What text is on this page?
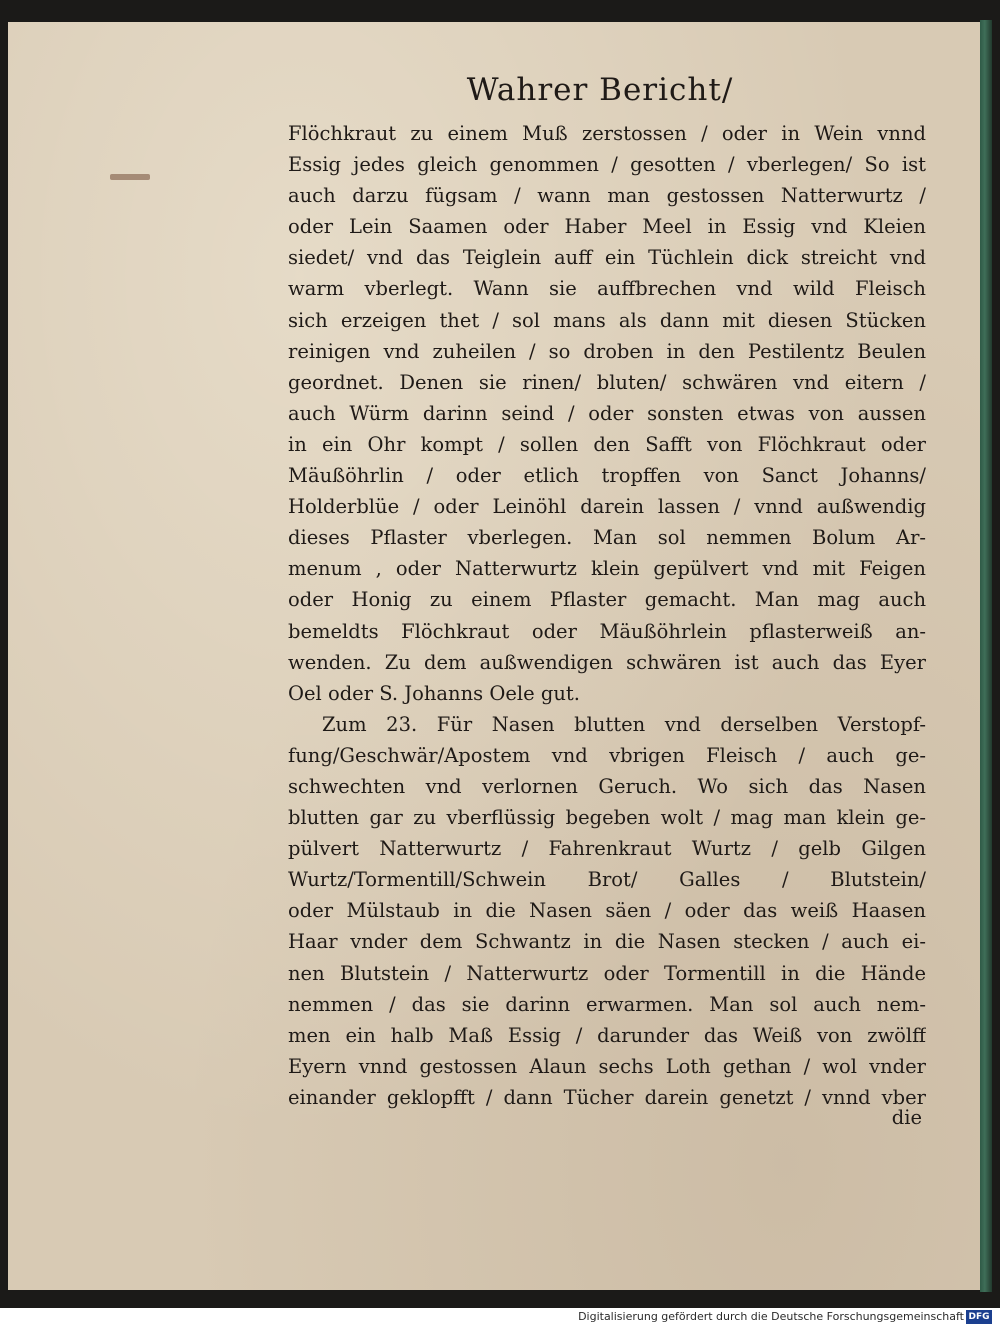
Wahrer Bericht/
Flöchkraut zu einem Muß zerstossen / oder in Wein vnnd
Essig jedes gleich genommen / gesotten / vberlegen/ So ist
auch darzu fügsam / wann man gestossen Natterwurtz /
oder Lein Saamen oder Haber Meel in Essig vnd Kleien
siedet/ vnd das Teiglein auff ein Tüchlein dick streicht vnd
warm vberlegt. Wann sie auffbrechen vnd wild Fleisch
sich erzeigen thet / sol mans als dann mit diesen Stücken
reinigen vnd zuheilen / so droben in den Pestilentz Beulen
geordnet. Denen sie rinen/ bluten/ schwären vnd eitern /
auch Würm darinn seind / oder sonsten etwas von aussen
in ein Ohr kompt / sollen den Safft von Flöchkraut oder
Mäußöhrlin / oder etlich tropffen von Sanct Johanns/
Holderblüe / oder Leinöhl darein lassen / vnnd außwendig
dieses Pflaster vberlegen. Man sol nemmen Bolum Ar-
menum , oder Natterwurtz klein gepülvert vnd mit Feigen
oder Honig zu einem Pflaster gemacht. Man mag auch
bemeldts Flöchkraut oder Mäußöhrlein pflasterweiß an-
wenden. Zu dem außwendigen schwären ist auch das Eyer
Oel oder S. Johanns Oele gut.
Zum 23. Für Nasen blutten vnd derselben Verstopf-
fung/Geschwär/Apostem vnd vbrigen Fleisch / auch ge-
schwechten vnd verlornen Geruch. Wo sich das Nasen
blutten gar zu vberflüssig begeben wolt / mag man klein ge-
pülvert Natterwurtz / Fahrenkraut Wurtz / gelb Gilgen
Wurtz/Tormentill/Schwein Brot/ Galles / Blutstein/
oder Mülstaub in die Nasen säen / oder das weiß Haasen
Haar vnder dem Schwantz in die Nasen stecken / auch ei-
nen Blutstein / Natterwurtz oder Tormentill in die Hände
nemmen / das sie darinn erwarmen. Man sol auch nem-
men ein halb Maß Essig / darunder das Weiß von zwölff
Eyern vnnd gestossen Alaun sechs Loth gethan / wol vnder
einander geklopfft / dann Tücher darein genetzt / vnnd vber
die
Digitalisierung gefördert durch die Deutsche Forschungsgemeinschaft DFG
